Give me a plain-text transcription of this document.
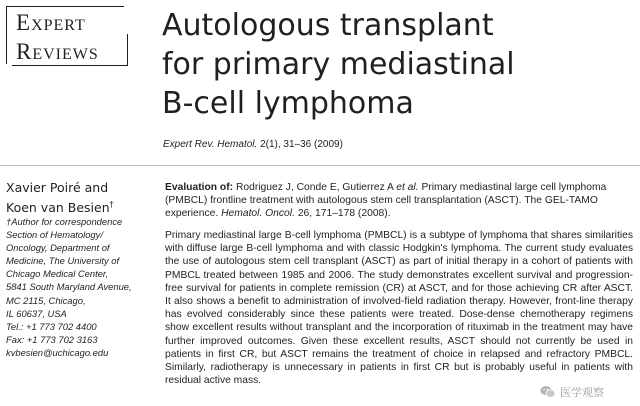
EXPERT
REVIEWS
Autologous transplant
for primary mediastinal
B-cell lymphoma
Expert Rev. Hematol. 2(1), 31–36 (2009)
Xavier Poiré and
Koen van Besien†
†Author for correspondence
Section of Hematology/
Oncology, Department of
Medicine, The University of
Chicago Medical Center,
5841 South Maryland Avenue,
MC 2115, Chicago,
IL 60637, USA
Tel.: +1 773 702 4400
Fax: +1 773 702 3163
kvbesien@uchicago.edu
Evaluation of: Rodriguez J, Conde E, Gutierrez A et al. Primary mediastinal large cell lymphoma (PMBCL) frontline treatment with autologous stem cell transplantation (ASCT). The GEL-TAMO experience. Hematol. Oncol. 26, 171–178 (2008).
Primary mediastinal large B-cell lymphoma (PMBCL) is a subtype of lymphoma that shares similarities with diffuse large B-cell lymphoma and with classic Hodgkin's lymphoma. The current study evaluates the use of autologous stem cell transplant (ASCT) as part of initial therapy in a cohort of patients with PMBCL treated between 1985 and 2006. The study demonstrates excellent survival and progression-free survival for patients in complete remission (CR) at ASCT, and for those achieving CR after ASCT. It also shows a benefit to administration of involved-field radiation therapy. However, front-line therapy has evolved considerably since these patients were treated. Dose-dense chemotherapy regimens show excellent results without transplant and the incorporation of rituximab in the treatment may have further improved outcomes. Given these excellent results, ASCT should not currently be used in patients in first CR, but ASCT remains the treatment of choice in relapsed and refractory PMBCL. Similarly, radiotherapy is unnecessary in patients in first CR but is probably useful in patients with residual active mass.
医学观察
